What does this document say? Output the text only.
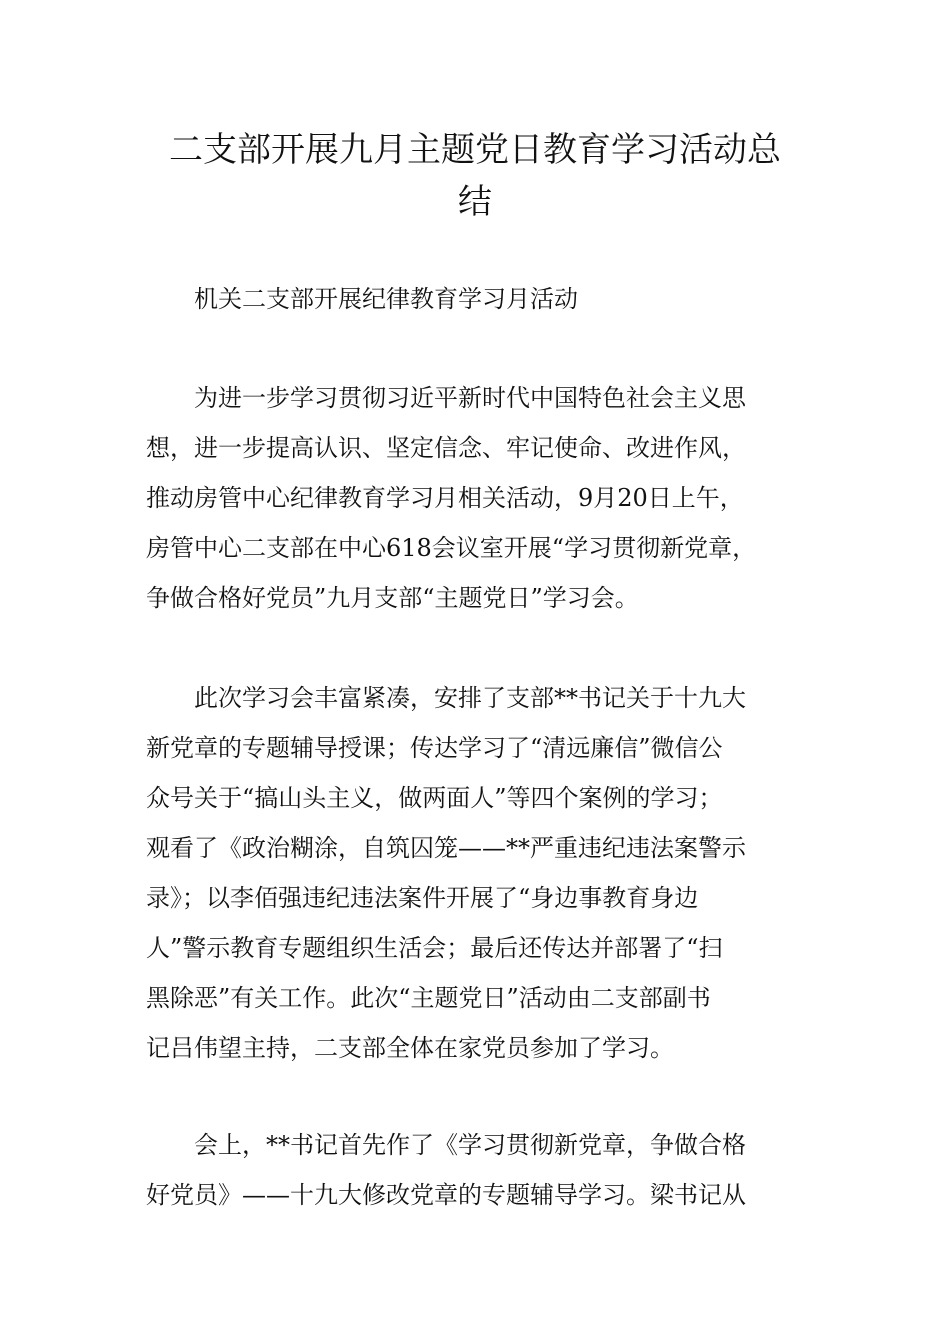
二支部开展九月主题党日教育学习活动总
结

机关二支部开展纪律教育学习月活动

为进一步学习贯彻习近平新时代中国特色社会主义思

想，进一步提高认识、坚定信念、牢记使命、改进作风，

推动房管中心纪律教育学习月相关活动，9月20日上午，

房管中心二支部在中心618会议室开展“学习贯彻新党章，

争做合格好党员”九月支部“主题党日”学习会。

此次学习会丰富紧凑，安排了支部**书记关于十九大

新党章的专题辅导授课；传达学习了“清远廉信”微信公

众号关于“搞山头主义，做两面人”等四个案例的学习；

观看了《政治糊涂，自筑囚笼——**严重违纪违法案警示

录》；以李佰强违纪违法案件开展了“身边事教育身边

人”警示教育专题组织生活会；最后还传达并部署了“扫

黑除恶”有关工作。此次“主题党日”活动由二支部副书

记吕伟望主持，二支部全体在家党员参加了学习。

会上，**书记首先作了《学习贯彻新党章，争做合格

好党员》——十九大修改党章的专题辅导学习。梁书记从
